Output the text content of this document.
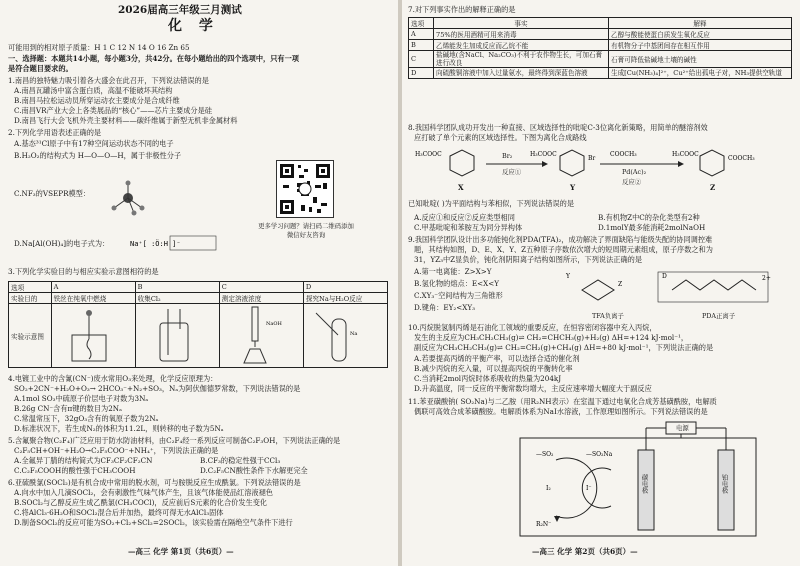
2026届高三年级三月测试
化 学
可能用到的相对原子质量：H 1 C 12 N 14 O 16 Zn 65
一、选择题：本题共14小题，每小题3分，共42分。在每小题给出的四个选项中，只有一项
是符合题目要求的。
1.南昌的独特魅力吸引着各大盛会在此召开，下列说法错误的是
A.南昌瓦罐汤中富含蛋白质，高温不能破坏其结构
B.南昌马拉松运动员所穿运动衣主要成分是合成纤维
C.南昌VR产业大会上各类展品的“核心”——芯片主要成分是硅
D.南昌飞行大会飞机外壳主要材料——碳纤维属于新型无机非金属材料
2.下列化学用语表述正确的是
A.基态³¹Cl原子中有17种空间运动状态不同的电子
B.H₂O₂的结构式为 H—O—O—H，属于非极性分子
C.NF₃的VSEPR模型：
D.Na[Al(OH)₄]的电子式为：	Na⁺[ :Ö:H ]⁻
更多学习问题？请扫码二维码添加微信好友咨询
3.下列化学实验目的与相应实验示意图相符的是
选项	A	B	C	D
实验目的	铁丝在纯氧中燃烧	收集Cl₂	测定溶液浓度	探究Na与H₂O反应
实验示意图			NaOH	Na
4.电镀工业中的含氰(CN⁻)废水常用O₃来处理，化学反应原理为：
SO₂+2CN⁻+H₂O+O₃→ 2HCO₃⁻+N₂+SO₃，Nₐ为阿伏伽德罗常数，下列说法错误的是
A.1mol SO₃中硫原子价层电子对数为3Nₐ
B.26g CN⁻含有π键的数目为2Nₐ
C.常温常压下，32gO₃含有的氧原子数为2Nₐ
D.标准状况下，若生成N₂的体积为11.2L，则转移的电子数为5Nₐ
5.含氟聚合物(C₂F₄)广泛应用于防水防油材料，由C₂F₄经一系列反应可制备C₂F₃OH，下列说法正确的是
C₂F₅CH+OH⁻+H₂O→C₂F₅COO⁻+NH₄⁺，下列说法正确的是
A.全氟异丁腈的结构简式为CF₃CF₂CF₂CN	B.CF₃的稳定性强于CCl₃
C.C₂F₅COOH的酸性强于CH₃COOH	D.C₂F₅CN酸性条件下水解更完全
6.亚硫酰氯(SOCl₂)是有机合成中常用的脱水剂，可与胺脱反应生成酰氯。下列说法错误的是
A.向水中加入几滴SOCl₂，会有刺激性气味气体产生，且该气体能使品红溶液褪色
B.SOCl₂与乙醇反应生成乙酰氯(CH₃COCl)，反应前后S元素的化合价发生变化
C.将AlCl₃·6H₂O和SOCl₂混合后并加热，最终可得无水AlCl₃固体
D.制备SOCl₂的反应可能为SO₂+Cl₂+SCl₂=2SOCl₂，该实验需在隔绝空气条件下进行
—高三 化学 第1页（共6页）—
7.对下列事实作出的解释正确的是
选项	事实	解释
A	75%的医用酒精可用来消毒	乙醇与酸能使蛋白质发生氧化反应
B	乙烯能发生加成反应而乙烷不能	有机物分子中基团间存在相互作用
C	盐碱地(含NaCl、Na₂CO₃)不利于农作物生长，可加石膏进行改良	石膏可降低盐碱地土壤的碱性
D	向硫酸铜溶液中加入过量氨水，最终得到深蓝色溶液	生成[Cu(NH₃)₄]²⁺，Cu²⁺给出孤电子对，NH₃提供空轨道
8.我国科学团队成功开发出一种直接、区域选择性的吡啶C-3位离化新策略，用简单的醚溶剂效
应打破了单个元素的区域选择性。下图为离化合成路线
H₃COOC	H₃COOC
Br
H₃COOC
COOCH₃
COOCH₃
X	Y	Z
Br₂
反应①	Pd(Ac)₂
反应②
已知吡啶( )为平面结构与苯相似，下列说法错误的是
A.反应①和反应②反应类型相同	B.有机物Z中C的杂化类型有2种
C.甲基吡啶和苯胺互为同分异构体	D.1molY最多能消耗2molNaOH
9.我国科学团队设计出多功能钝化剂PDA(TFA)₂，成功解决了界面缺陷与能级失配的协同调控难
题，其结构如图，D、E、X、Y、Z五种原子序数依次增大的短周期元素组成，原子序数之和为
31，YZ₃中Z显负价，钝化剂阴阳离子结构如图所示，下列说法正确的是
A.第一电离能：Z>X>Y
B.氢化物的熔点：E<X<Y
C.XY₃⁻空间结构为三角锥形
D.键角：EY₂<XY₃
Y
Z
D	2+
TFA负离子	PDA正离子
10.丙烷脱氢制丙烯是石油化工领域的重要反应，在恒容密闭容器中充入丙烷，
发生的主反应为CH₃CH₂CH₃(g)⇌ CH₂=CHCH₃(g)+H₂(g) ΔH=+124 kJ·mol⁻¹，
副反应为CH₃CH₂CH₃(g)⇌ CH₂=CH₂(g)+CH₄(g) ΔH=+80 kJ·mol⁻¹，下列说法正确的是
A.若要提高丙烯的平衡产率，可以选择合适的催化剂
B.减少丙烷的充入量，可以提高丙烷的平衡转化率
C.当消耗2mol丙烷时体系吸收的热量为204kJ
D.升高温度，同一反应的平衡常数均增大，主反应速率增大幅度大于副反应
11.苯亚磺酸钠( SO₂Na)与二乙胺（用R₂NH表示）在室温下通过电氧化合成芳基磺酰胺，电解质
偶联可高效合成苯磺酸胺。电解质体系为NaI水溶液，工作原理如图所示。下列说法错误的是
—SO₂	—SO₂Na
I⁻
I₂
R₂N⁻
电源
碳电极	铂电极
—高三 化学 第2页（共6页）—
